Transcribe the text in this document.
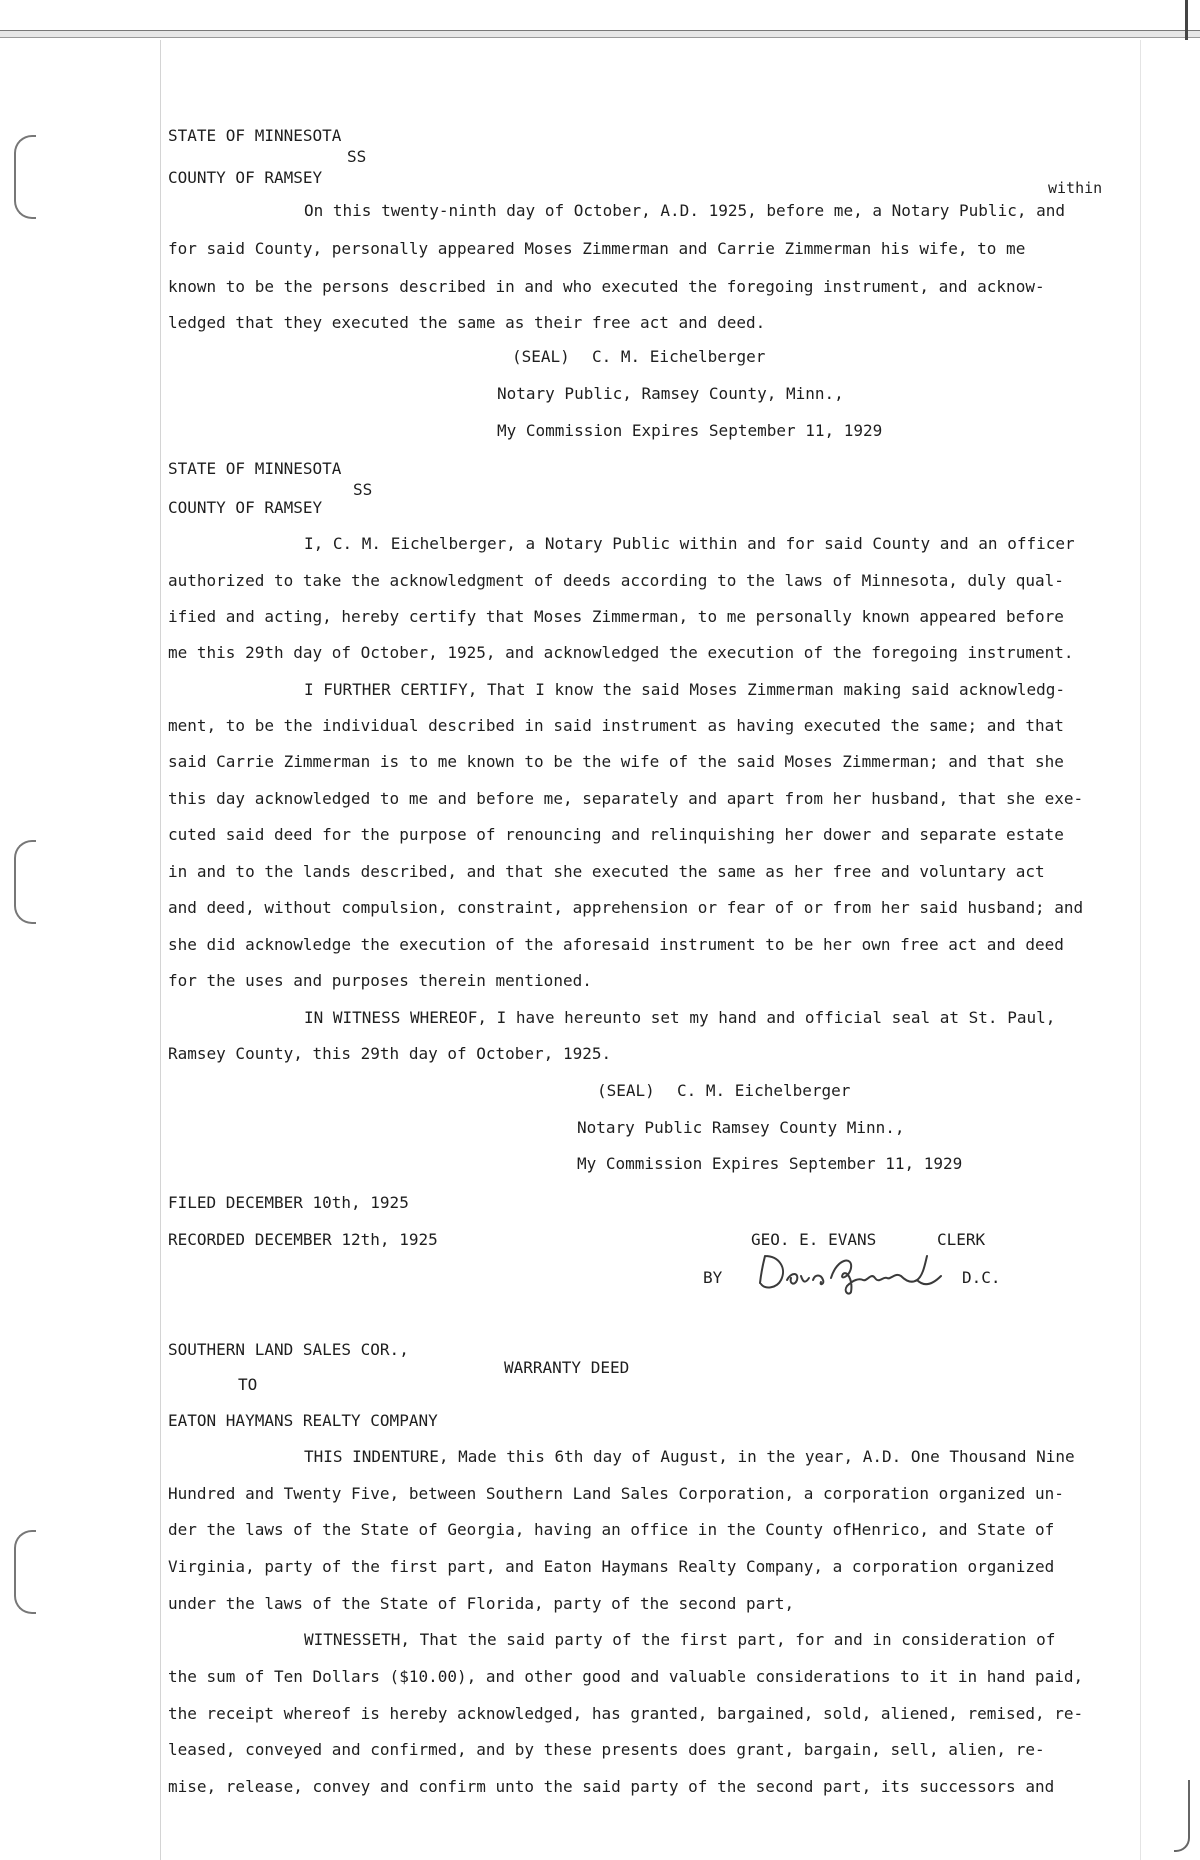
STATE OF MINNESOTA
SS
COUNTY OF RAMSEY
within
On this twenty-ninth day of October, A.D. 1925, before me, a Notary Public, and
for said County, personally appeared Moses Zimmerman and Carrie Zimmerman his wife, to me
known to be the persons described in and who executed the foregoing instrument, and acknow-
ledged that they executed the same as their free act and deed.
(SEAL) C. M. Eichelberger
Notary Public, Ramsey County, Minn.,
My Commission Expires September 11, 1929
STATE OF MINNESOTA
SS
COUNTY OF RAMSEY
I, C. M. Eichelberger, a Notary Public within and for said County and an officer
authorized to take the acknowledgment of deeds according to the laws of Minnesota, duly qual-
ified and acting, hereby certify that Moses Zimmerman, to me personally known appeared before
me this 29th day of October, 1925, and acknowledged the execution of the foregoing instrument.
I FURTHER CERTIFY, That I know the said Moses Zimmerman making said acknowledg-
ment, to be the individual described in said instrument as having executed the same; and that
said Carrie Zimmerman is to me known to be the wife of the said Moses Zimmerman; and that she
this day acknowledged to me and before me, separately and apart from her husband, that she exe-
cuted said deed for the purpose of renouncing and relinquishing her dower and separate estate
in and to the lands described, and that she executed the same as her free and voluntary act
and deed, without compulsion, constraint, apprehension or fear of or from her said husband; and
she did acknowledge the execution of the aforesaid instrument to be her own free act and deed
for the uses and purposes therein mentioned.
IN WITNESS WHEREOF, I have hereunto set my hand and official seal at St. Paul,
Ramsey County, this 29th day of October, 1925.
(SEAL) C. M. Eichelberger
Notary Public Ramsey County Minn.,
My Commission Expires September 11, 1929
FILED DECEMBER 10th, 1925
RECORDED DECEMBER 12th, 1925	GEO. E. EVANS	CLERK
BY	D.C.
SOUTHERN LAND SALES COR.,
WARRANTY DEED
TO
EATON HAYMANS REALTY COMPANY
THIS INDENTURE, Made this 6th day of August, in the year, A.D. One Thousand Nine
Hundred and Twenty Five, between Southern Land Sales Corporation, a corporation organized un-
der the laws of the State of Georgia, having an office in the County ofHenrico, and State of
Virginia, party of the first part, and Eaton Haymans Realty Company, a corporation organized
under the laws of the State of Florida, party of the second part,
WITNESSETH, That the said party of the first part, for and in consideration of
the sum of Ten Dollars ($10.00), and other good and valuable considerations to it in hand paid,
the receipt whereof is hereby acknowledged, has granted, bargained, sold, aliened, remised, re-
leased, conveyed and confirmed, and by these presents does grant, bargain, sell, alien, re-
mise, release, convey and confirm unto the said party of the second part, its successors and
